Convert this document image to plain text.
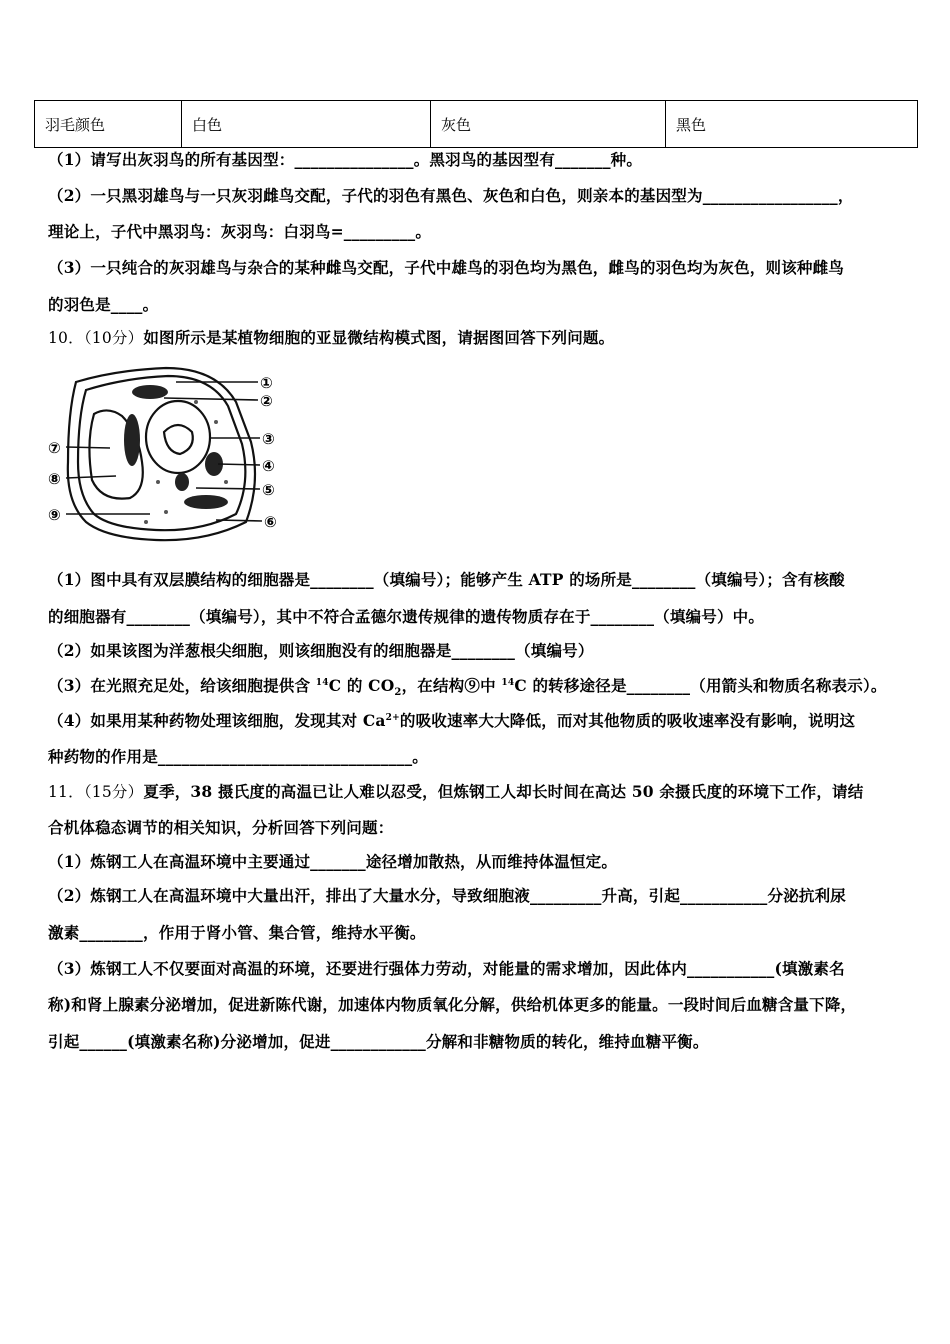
羽毛颜色	白色	灰色	黑色
（1）请写出灰羽鸟的所有基因型：_______________。黑羽鸟的基因型有_______种。
（2）一只黑羽雄鸟与一只灰羽雌鸟交配，子代的羽色有黑色、灰色和白色，则亲本的基因型为_________________，
理论上，子代中黑羽鸟：灰羽鸟：白羽鸟=_________。
（3）一只纯合的灰羽雄鸟与杂合的某种雌鸟交配，子代中雄鸟的羽色均为黑色，雌鸟的羽色均为灰色，则该种雌鸟
的羽色是____。
10．（10分）如图所示是某植物细胞的亚显微结构模式图，请据图回答下列问题。
①
②
③
④
⑤
⑥
⑦
⑧
⑨
（1）图中具有双层膜结构的细胞器是________（填编号）；能够产生 ATP 的场所是________（填编号）；含有核酸
的细胞器有________（填编号），其中不符合孟德尔遗传规律的遗传物质存在于________（填编号）中。
（2）如果该图为洋葱根尖细胞，则该细胞没有的细胞器是________（填编号）
（3）在光照充足处，给该细胞提供含 $^{14}$C 的 $CO_2$，在结构⑨中 $^{14}$C 的转移途径是________（用箭头和物质名称表示）。
（4）如果用某种药物处理该细胞，发现其对 $Ca^{2+}$的吸收速率大大降低，而对其他物质的吸收速率没有影响，说明这
种药物的作用是________________________________。
11．（15分）夏季，38 摄氏度的高温已让人难以忍受，但炼钢工人却长时间在高达 50 余摄氏度的环境下工作，请结
合机体稳态调节的相关知识，分析回答下列问题：
（1）炼钢工人在高温环境中主要通过_______途径增加散热，从而维持体温恒定。
（2）炼钢工人在高温环境中大量出汗，排出了大量水分，导致细胞液_________升高，引起___________分泌抗利尿
激素________，作用于肾小管、集合管，维持水平衡。
（3）炼钢工人不仅要面对高温的环境，还要进行强体力劳动，对能量的需求增加，因此体内___________(填激素名
称)和肾上腺素分泌增加，促进新陈代谢，加速体内物质氧化分解，供给机体更多的能量。一段时间后血糖含量下降，
引起______(填激素名称)分泌增加，促进____________分解和非糖物质的转化，维持血糖平衡。
